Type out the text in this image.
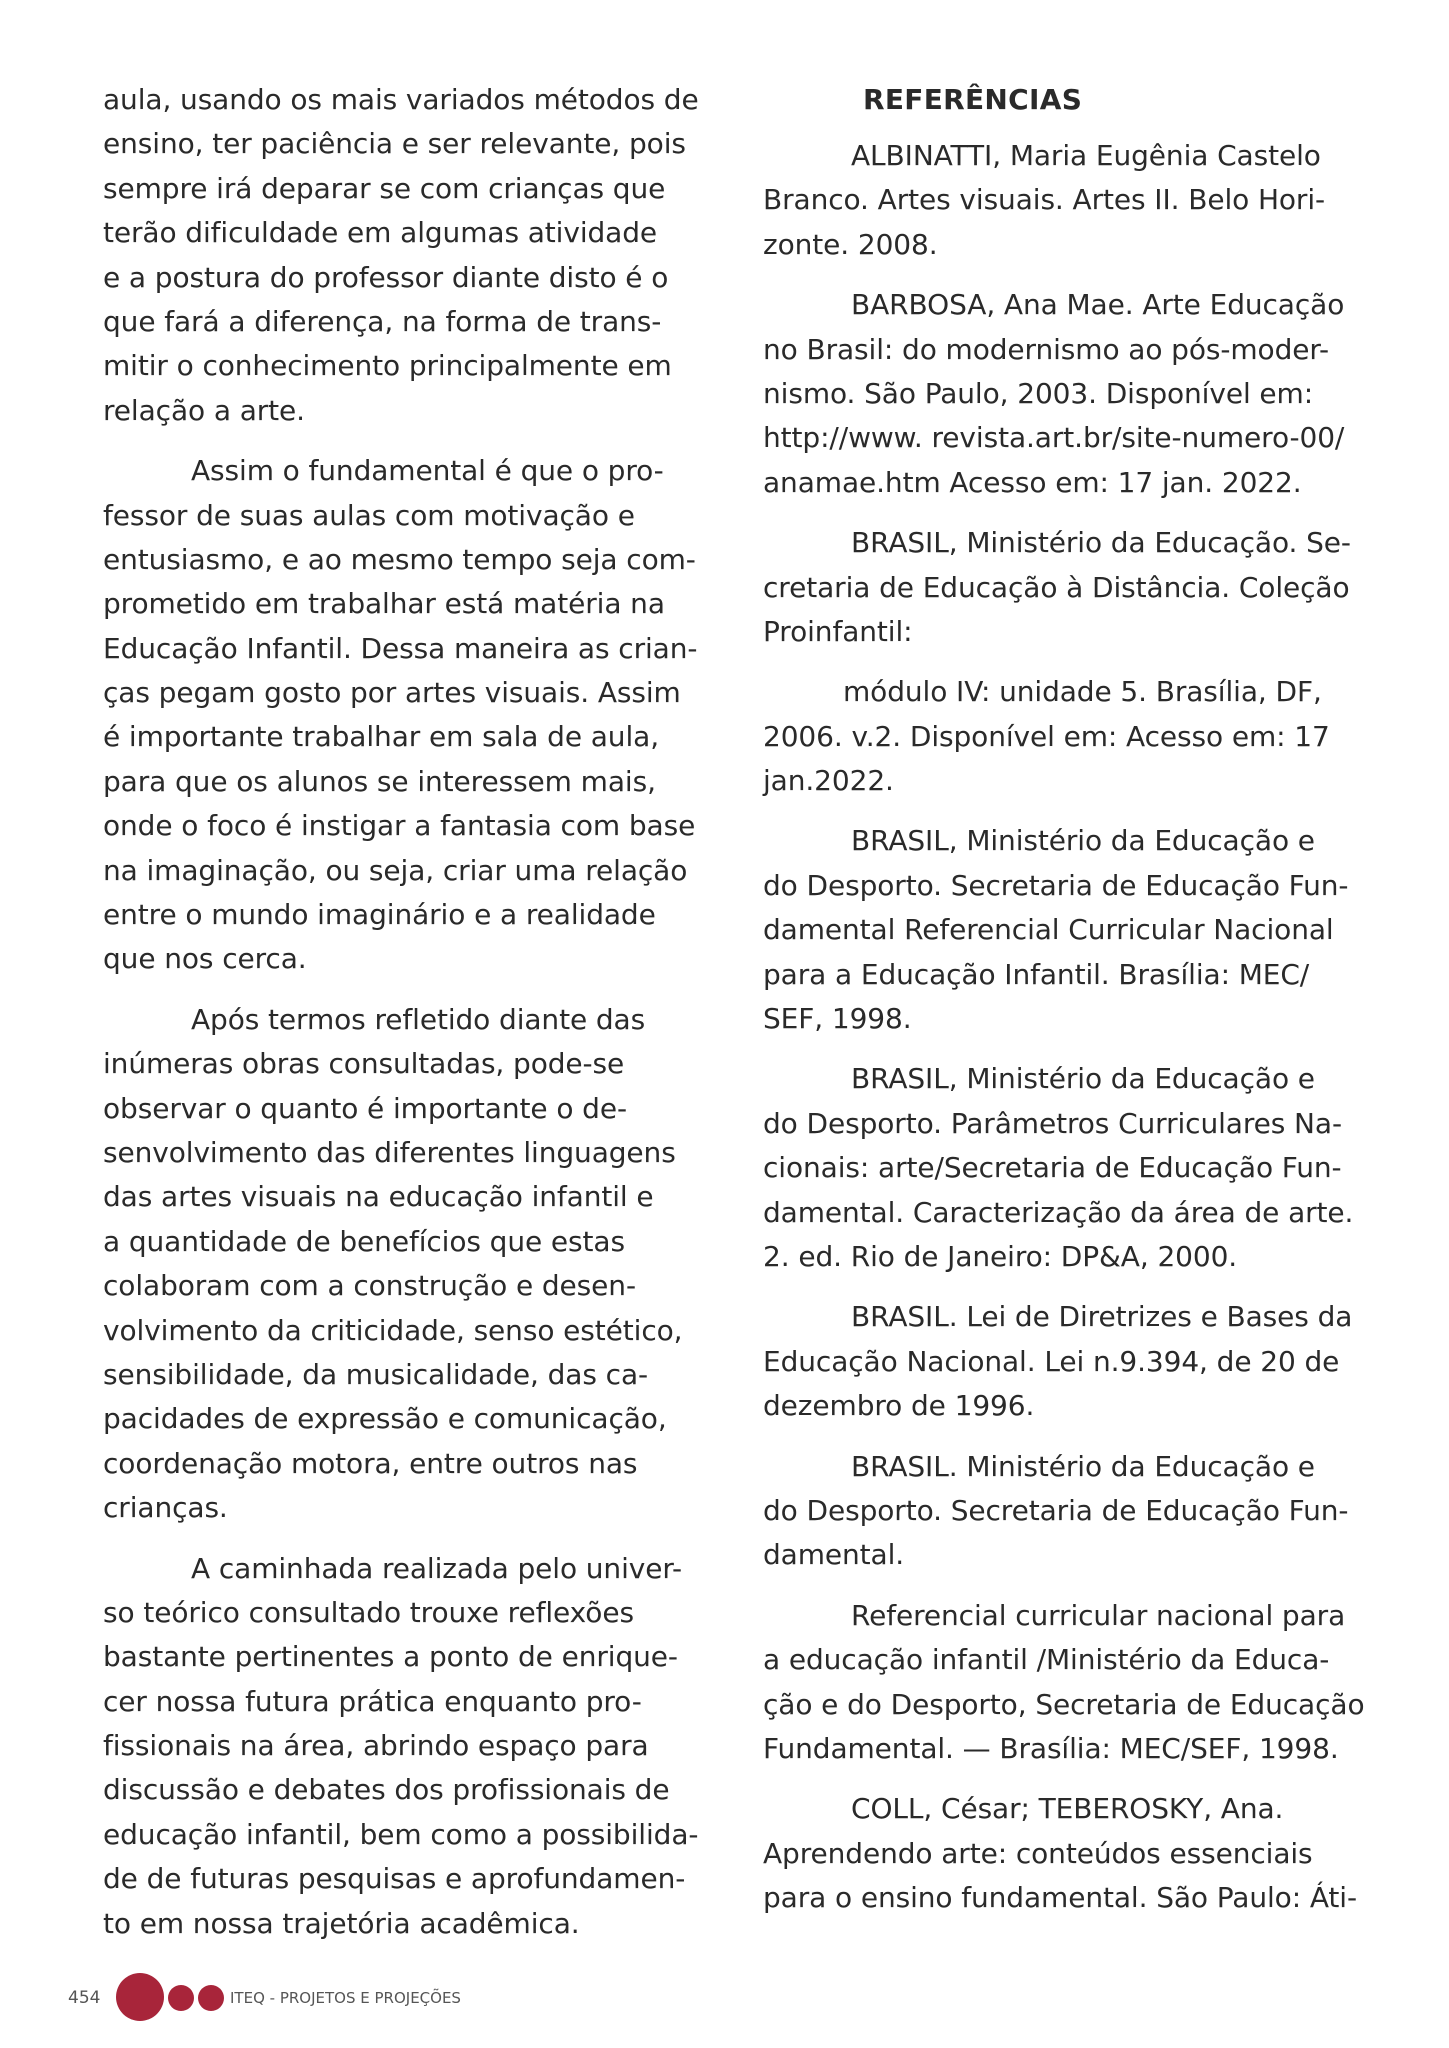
aula, usando os mais variados métodos de
ensino, ter paciência e ser relevante, pois
sempre irá deparar se com crianças que
terão dificuldade em algumas atividade
e a postura do professor diante disto é o
que fará a diferença, na forma de trans-
mitir o conhecimento principalmente em
relação a arte.
Assim o fundamental é que o pro-
fessor de suas aulas com motivação e
entusiasmo, e ao mesmo tempo seja com-
prometido em trabalhar está matéria na
Educação Infantil. Dessa maneira as crian-
ças pegam gosto por artes visuais. Assim
é importante trabalhar em sala de aula,
para que os alunos se interessem mais,
onde o foco é instigar a fantasia com base
na imaginação, ou seja, criar uma relação
entre o mundo imaginário e a realidade
que nos cerca.
Após termos refletido diante das
inúmeras obras consultadas, pode-se
observar o quanto é importante o de-
senvolvimento das diferentes linguagens
das artes visuais na educação infantil e
a quantidade de benefícios que estas
colaboram com a construção e desen-
volvimento da criticidade, senso estético,
sensibilidade, da musicalidade, das ca-
pacidades de expressão e comunicação,
coordenação motora, entre outros nas
crianças.
A caminhada realizada pelo univer-
so teórico consultado trouxe reflexões
bastante pertinentes a ponto de enrique-
cer nossa futura prática enquanto pro-
fissionais na área, abrindo espaço para
discussão e debates dos profissionais de
educação infantil, bem como a possibilida-
de de futuras pesquisas e aprofundamen-
to em nossa trajetória acadêmica.
REFERÊNCIAS
ALBINATTI, Maria Eugênia Castelo
Branco. Artes visuais. Artes II. Belo Hori-
zonte. 2008.
BARBOSA, Ana Mae. Arte Educação
no Brasil: do modernismo ao pós-moder-
nismo. São Paulo, 2003. Disponível em:
http://www. revista.art.br/site-numero-00/
anamae.htm Acesso em: 17 jan. 2022.
BRASIL, Ministério da Educação. Se-
cretaria de Educação à Distância. Coleção
Proinfantil:
módulo IV: unidade 5. Brasília, DF,
2006. v.2. Disponível em: Acesso em: 17
jan.2022.
BRASIL, Ministério da Educação e
do Desporto. Secretaria de Educação Fun-
damental Referencial Curricular Nacional
para a Educação Infantil. Brasília: MEC/
SEF, 1998.
BRASIL, Ministério da Educação e
do Desporto. Parâmetros Curriculares Na-
cionais: arte/Secretaria de Educação Fun-
damental. Caracterização da área de arte.
2. ed. Rio de Janeiro: DP&A, 2000.
BRASIL. Lei de Diretrizes e Bases da
Educação Nacional. Lei n.9.394, de 20 de
dezembro de 1996.
BRASIL. Ministério da Educação e
do Desporto. Secretaria de Educação Fun-
damental.
Referencial curricular nacional para
a educação infantil /Ministério da Educa-
ção e do Desporto, Secretaria de Educação
Fundamental. — Brasília: MEC/SEF, 1998.
COLL, César; TEBEROSKY, Ana.
Aprendendo arte: conteúdos essenciais
para o ensino fundamental. São Paulo: Áti-
454	ITEQ - PROJETOS E PROJEÇÕES
